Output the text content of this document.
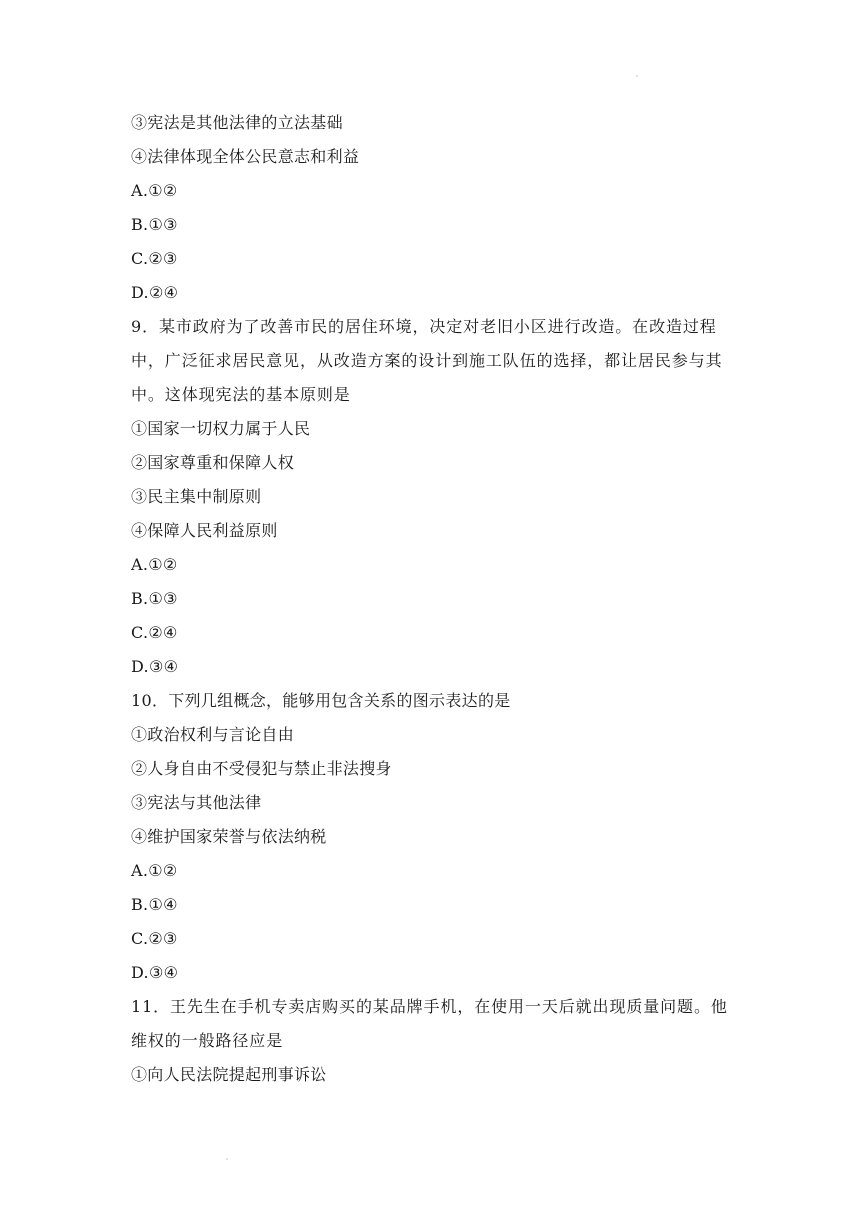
③宪法是其他法律的立法基础
④法律体现全体公民意志和利益
A.①②
B.①③
C.②③
D.②④
9．某市政府为了改善市民的居住环境，决定对老旧小区进行改造。在改造过程
中，广泛征求居民意见，从改造方案的设计到施工队伍的选择，都让居民参与其
中。这体现宪法的基本原则是
①国家一切权力属于人民
②国家尊重和保障人权
③民主集中制原则
④保障人民利益原则
A.①②
B.①③
C.②④
D.③④
10．下列几组概念，能够用包含关系的图示表达的是
①政治权利与言论自由
②人身自由不受侵犯与禁止非法搜身
③宪法与其他法律
④维护国家荣誉与依法纳税
A.①②
B.①④
C.②③
D.③④
11．王先生在手机专卖店购买的某品牌手机，在使用一天后就出现质量问题。他
维权的一般路径应是
①向人民法院提起刑事诉讼
